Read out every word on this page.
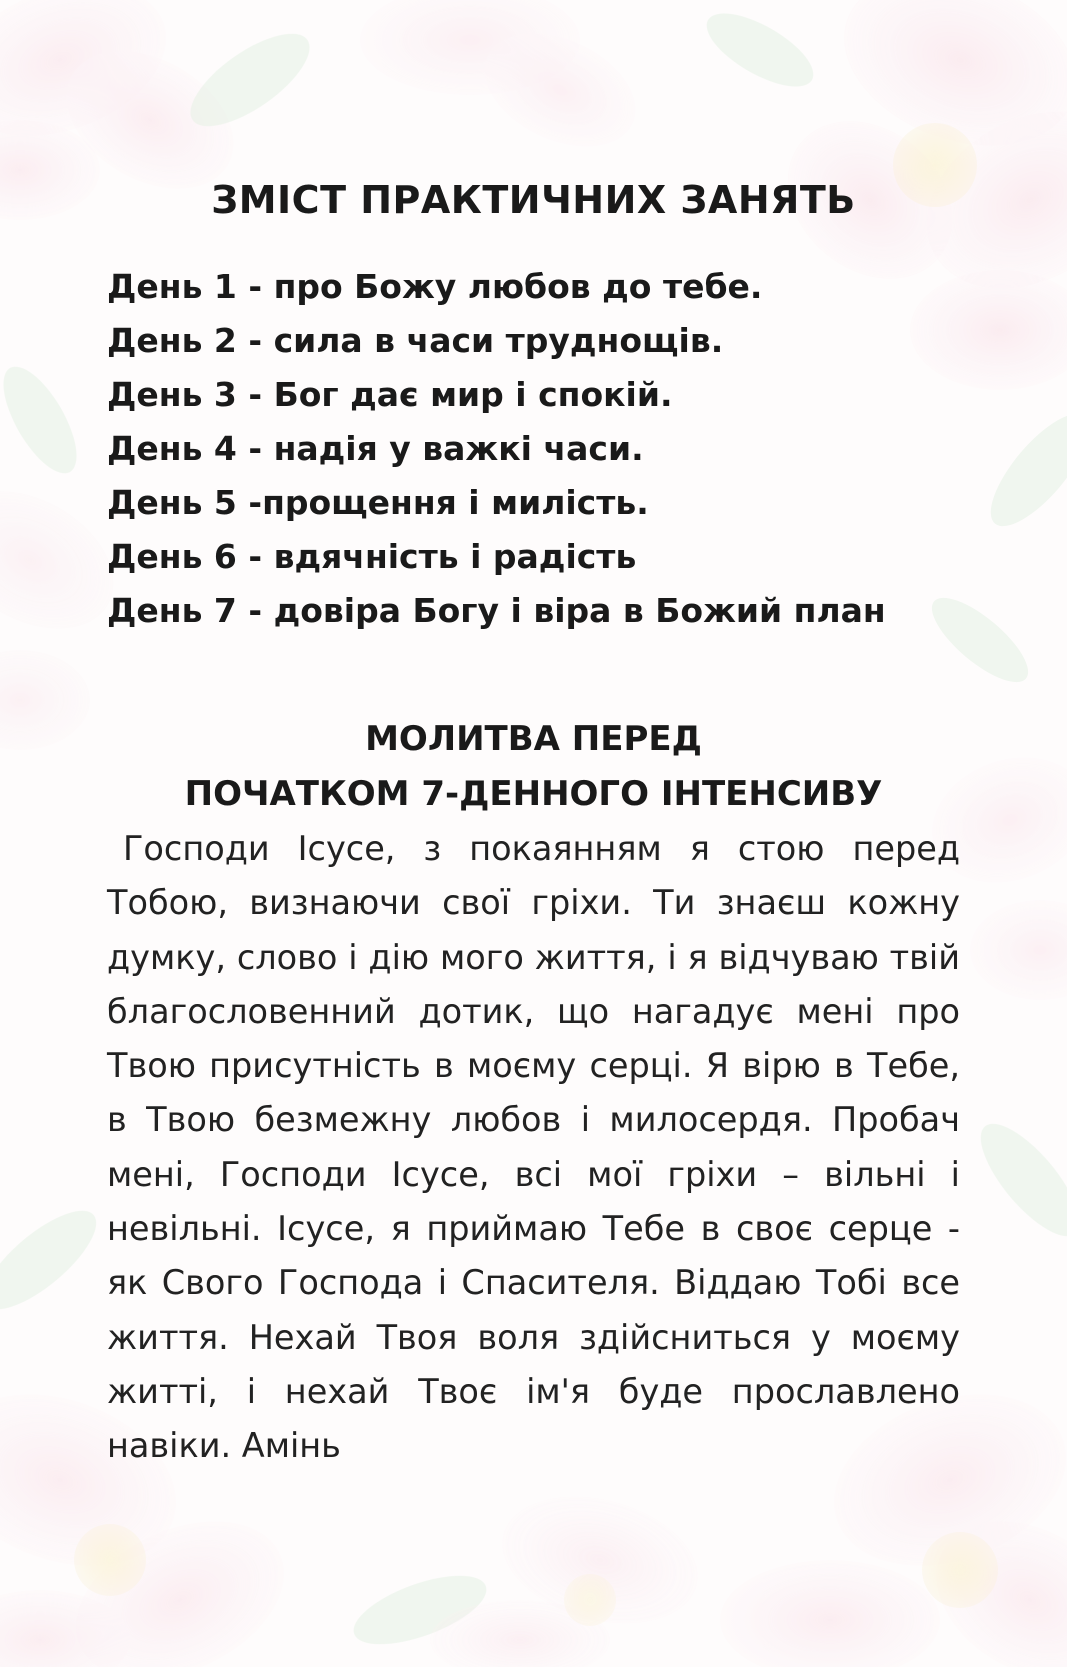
ЗМІСТ ПРАКТИЧНИХ ЗАНЯТЬ
День 1 - про Божу любов до тебе.
День 2 - сила в часи труднощів.
День 3 - Бог дає мир і спокій.
День 4 - надія у важкі часи.
День 5 -прощення і милість.
День 6 - вдячність і радість
День 7 - довіра Богу і віра в Божий план
МОЛИТВА ПЕРЕД
ПОЧАТКОМ 7-ДЕННОГО ІНТЕНСИВУ

Господи Ісусе, з покаянням я стою перед Тобою, визнаючи свої гріхи. Ти знаєш кожну думку, слово і дію мого життя, і я відчуваю твій благословенний дотик, що нагадує мені про Твою присутність в моєму серці. Я вірю в Тебе, в Твою безмежну любов і милосердя. Пробач мені, Господи Ісусе, всі мої гріхи – вільні і невільні. Ісусе, я приймаю Тебе в своє серце - як Свого Господа і Спасителя. Віддаю Тобі все життя. Нехай Твоя воля здійсниться у моєму житті, і нехай Твоє ім'я буде прославлено навіки. Амінь
